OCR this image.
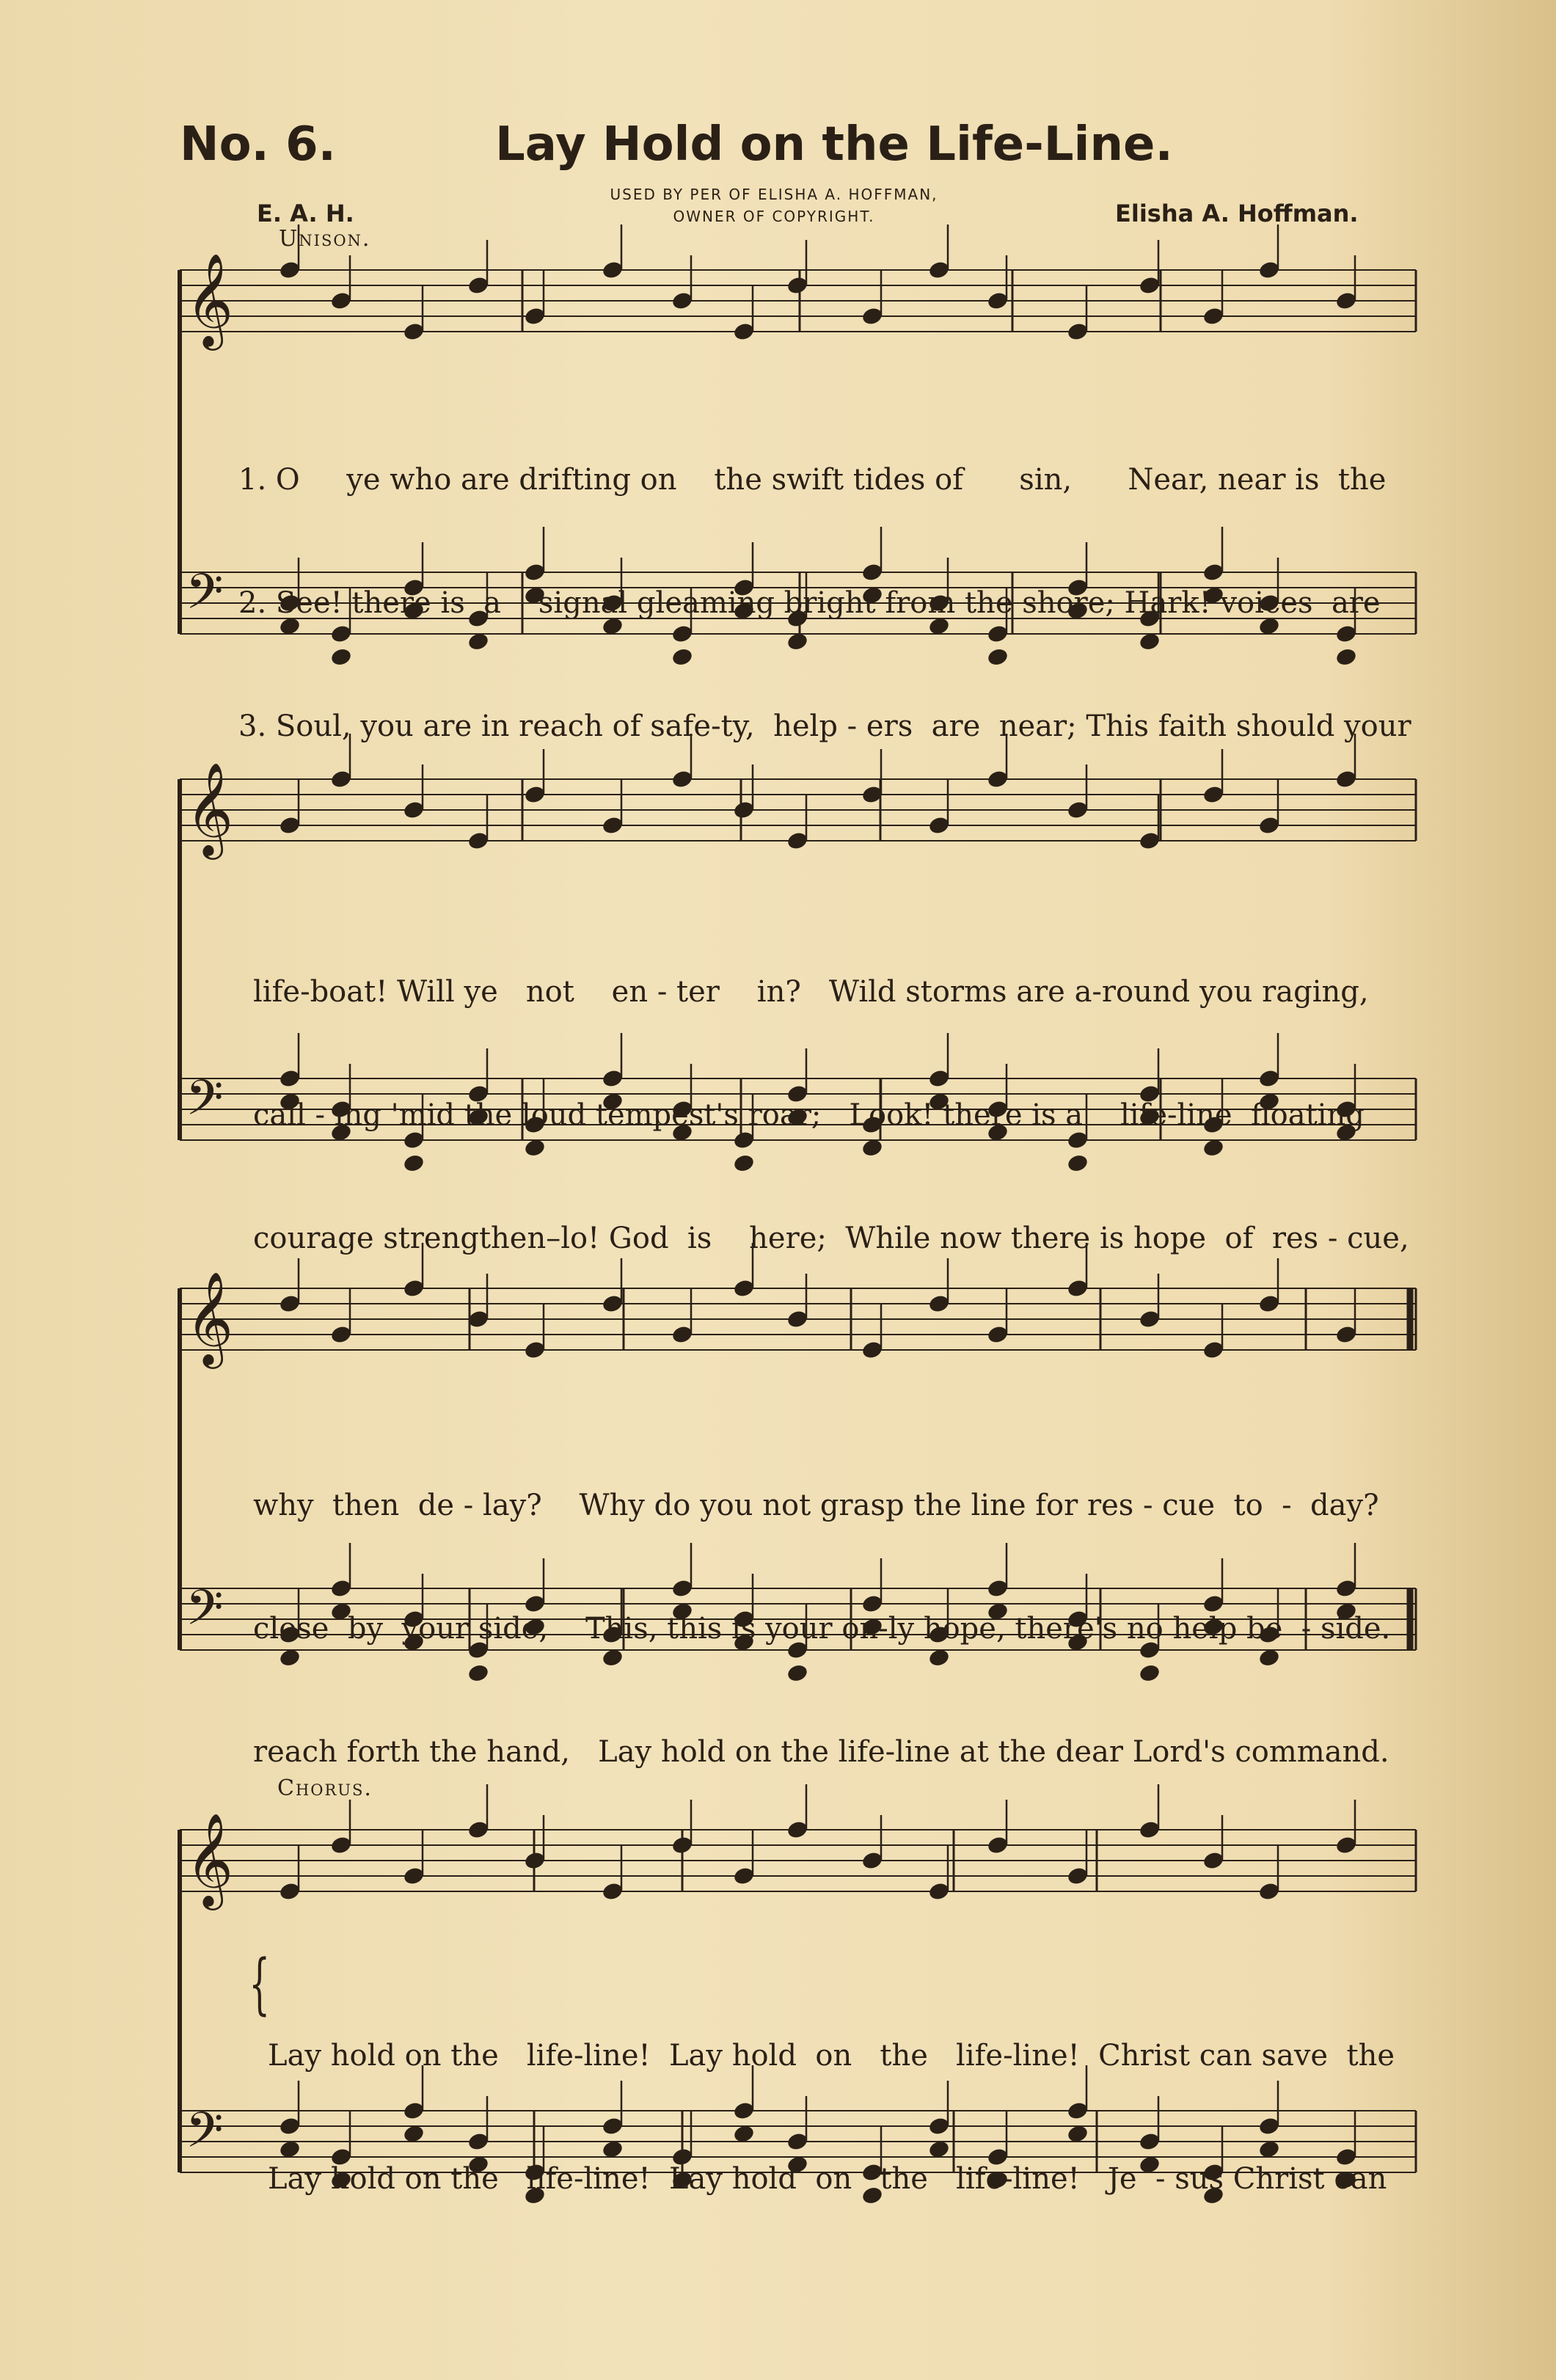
No. 6.	Lay Hold on the Life-Line.
E. A. H.
USED BY PER OF ELISHA A. HOFFMAN,
OWNER OF COPYRIGHT.	Elisha A. Hoffman.
Unison.
Chorus.
𝄞
𝄢
𝄞
𝄢
𝄞
𝄢
𝄞
𝄢

1. O     ye who are drifting on    the swift tides of      sin,      Near, near is  the

2. See! there is  a    signal gleaming bright from the shore; Hark! voices  are

3. Soul, you are in reach of safe-ty,  help - ers  are  near; This faith should your

life-boat! Will ye   not    en - ter    in?   Wild storms are a-round you raging,

call - ing 'mid the loud tempest's roar;   Look! there is a    life-line  floating

courage strengthen–lo! God  is    here;  While now there is hope  of  res - cue,

why  then  de - lay?    Why do you not grasp the line for res - cue  to  -  day?

close  by  your side,    This, this is your on-ly hope, there's no help be  - side.

reach forth the hand,   Lay hold on the life-line at the dear Lord's command.

{

Lay hold on the   life-line!  Lay hold  on   the   life-line!  Christ can save  the

Lay hold on the   life-line!  Lay hold  on   the   life-line!   Je  - sus Christ can
